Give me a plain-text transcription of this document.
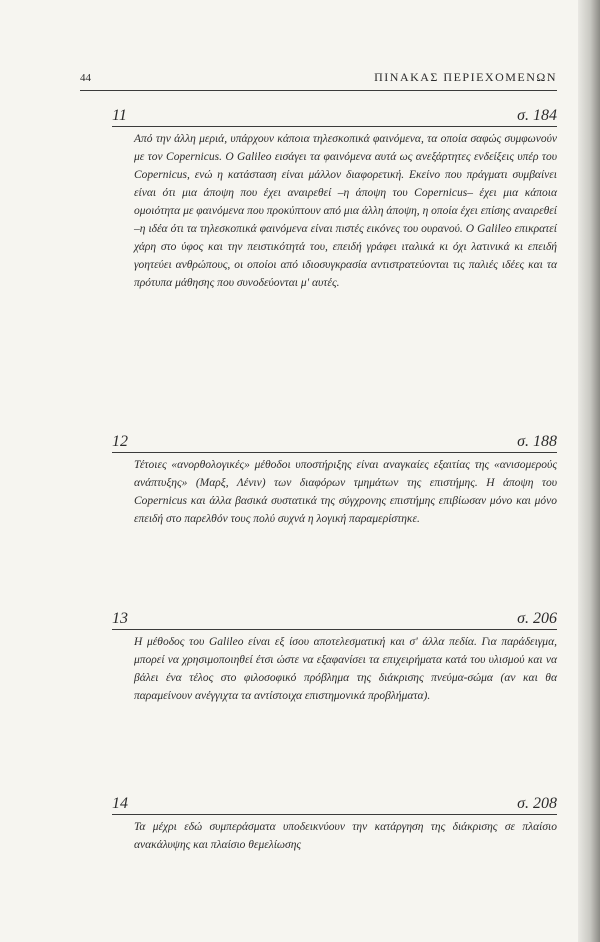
44	ΠΙΝΑΚΑΣ ΠΕΡΙΕΧΟΜΕΝΩΝ
11	σ. 184

Από την άλλη μεριά, υπάρχουν κάποια τηλεσκοπικά φαινόμενα, τα οποία σαφώς συμφωνούν με τον Copernicus. Ο Galileo εισάγει τα φαινόμενα αυτά ως ανεξάρτητες ενδείξεις υπέρ του Copernicus, ενώ η κατάσταση είναι μάλλον διαφορετική. Εκείνο που πράγματι συμβαίνει είναι ότι μια άποψη που έχει αναιρεθεί –η άποψη του Copernicus– έχει μια κάποια ομοιότητα με φαινόμενα που προκύπτουν από μια άλλη άποψη, η οποία έχει επίσης αναιρεθεί –η ιδέα ότι τα τηλεσκοπικά φαινόμενα είναι πιστές εικόνες του ουρανού. Ο Galileo επικρατεί χάρη στο ύφος και την πειστικότητά του, επειδή γράφει ιταλικά κι όχι λατινικά κι επειδή γοητεύει ανθρώπους, οι οποίοι από ιδιοσυγκρασία αντιστρατεύονται τις παλιές ιδέες και τα πρότυπα μάθησης που συνοδεύονται μ' αυτές.

12	σ. 188

Τέτοιες «ανορθολογικές» μέθοδοι υποστήριξης είναι αναγκαίες εξαιτίας της «ανισομερούς ανάπτυξης» (Μαρξ, Λένιν) των διαφόρων τμημάτων της επιστήμης. Η άποψη του Copernicus και άλλα βασικά συστατικά της σύγχρονης επιστήμης επιβίωσαν μόνο και μόνο επειδή στο παρελθόν τους πολύ συχνά η λογική παραμερίστηκε.

13	σ. 206

Η μέθοδος του Galileo είναι εξ ίσου αποτελεσματική και σ' άλλα πεδία. Για παράδειγμα, μπορεί να χρησιμοποιηθεί έτσι ώστε να εξαφανίσει τα επιχειρήματα κατά του υλισμού και να βάλει ένα τέλος στο φιλοσοφικό πρόβλημα της διάκρισης πνεύμα-σώμα (αν και θα παραμείνουν ανέγγιχτα τα αντίστοιχα επιστημονικά προβλήματα).

14	σ. 208

Τα μέχρι εδώ συμπεράσματα υποδεικνύουν την κατάργηση της διάκρισης σε πλαίσιο ανακάλυψης και πλαίσιο θεμελίωσης
